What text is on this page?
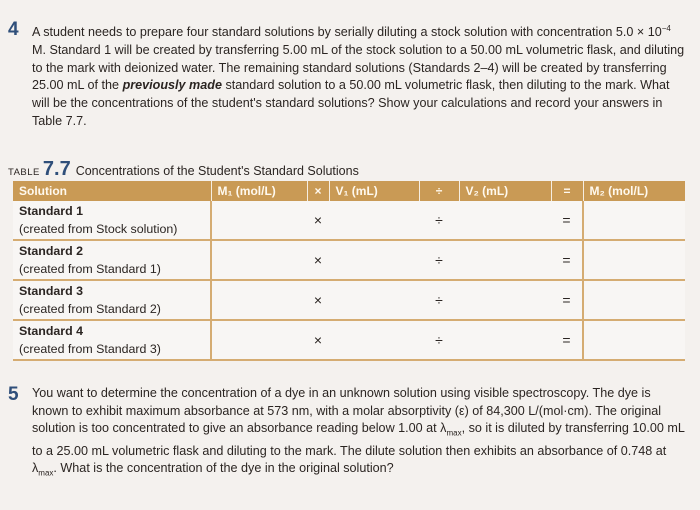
4	A student needs to prepare four standard solutions by serially diluting a stock solution with concentration $5.0 \times 10^{-4}$ M. Standard 1 will be created by transferring 5.00 mL of the stock solution to a 50.00 mL volumetric flask, and diluting to the mark with deionized water. The remaining standard solutions (Standards 2–4) will be created by transferring 25.00 mL of the previously made standard solution to a 50.00 mL volumetric flask, then diluting to the mark. What will be the concentrations of the student's standard solutions? Show your calculations and record your answers in Table 7.7.
TABLE 7.7 Concentrations of the Student's Standard Solutions
Solution	M₁ (mol/L)	×	V₁ (mL)	÷	V₂ (mL)	=	M₂ (mol/L)

Standard 1
(created from Stock solution)		×		÷		=	

Standard 2
(created from Standard 1)		×		÷		=	

Standard 3
(created from Standard 2)		×		÷		=	

Standard 4
(created from Standard 3)		×		÷		=	
5	You want to determine the concentration of a dye in an unknown solution using visible spectroscopy. The dye is known to exhibit maximum absorbance at 573 nm, with a molar absorptivity (ε) of 84,300 L/(mol·cm). The original solution is too concentrated to give an absorbance reading below 1.00 at $\lambda_{max}$, so it is diluted by transferring 10.00 mL to a 25.00 mL volumetric flask and diluting to the mark. The dilute solution then exhibits an absorbance of 0.748 at $\lambda_{max}$. What is the concentration of the dye in the original solution?
